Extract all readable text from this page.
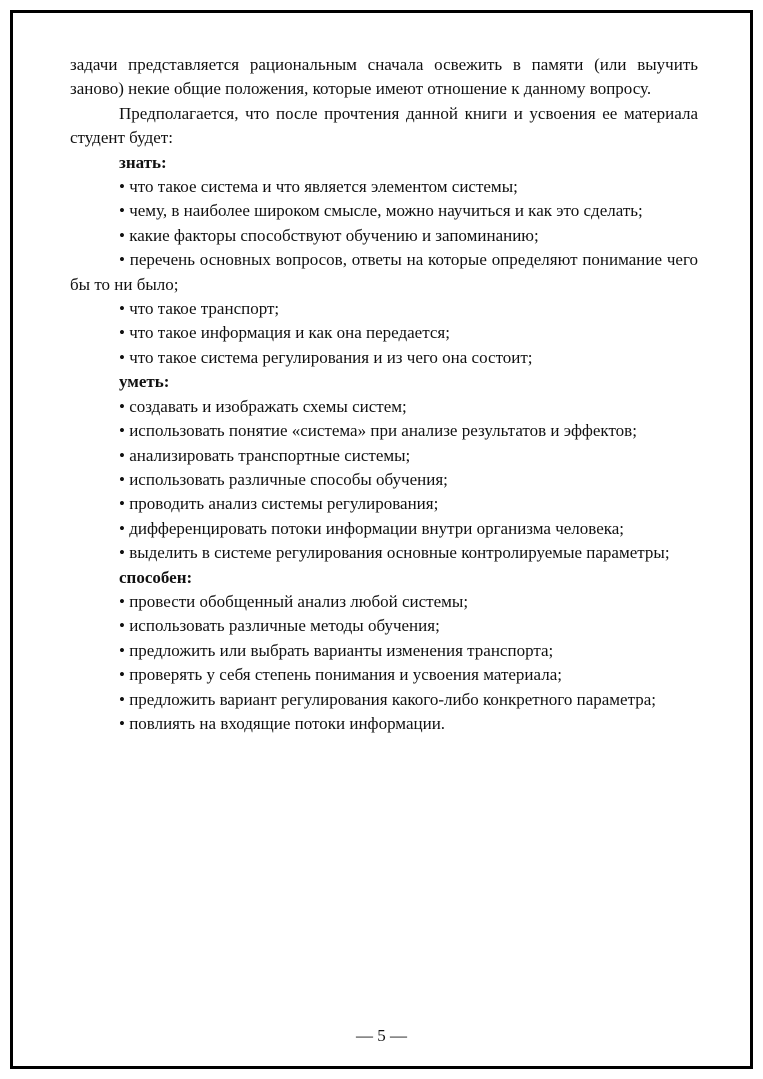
задачи представляется рациональным сначала освежить в памяти (или выучить заново) некие общие положения, которые имеют отношение к данному вопросу.

Предполагается, что после прочтения данной книги и усвоения ее материала студент будет:

знать:

• что такое система и что является элементом системы;

• чему, в наиболее широком смысле, можно научиться и как это сделать;

• какие факторы способствуют обучению и запоминанию;

• перечень основных вопросов, ответы на которые определяют понимание чего бы то ни было;

• что такое транспорт;

• что такое информация и как она передается;

• что такое система регулирования и из чего она состоит;

уметь:

• создавать и изображать схемы систем;

• использовать понятие «система» при анализе результатов и эффектов;

• анализировать транспортные системы;

• использовать различные способы обучения;

• проводить анализ системы регулирования;

• дифференцировать потоки информации внутри организма человека;

• выделить в системе регулирования основные контролируемые параметры;

способен:

• провести обобщенный анализ любой системы;

• использовать различные методы обучения;

• предложить или выбрать варианты изменения транспорта;

• проверять у себя степень понимания и усвоения материала;

• предложить вариант регулирования какого-либо конкретного параметра;

• повлиять на входящие потоки информации.

— 5 —
